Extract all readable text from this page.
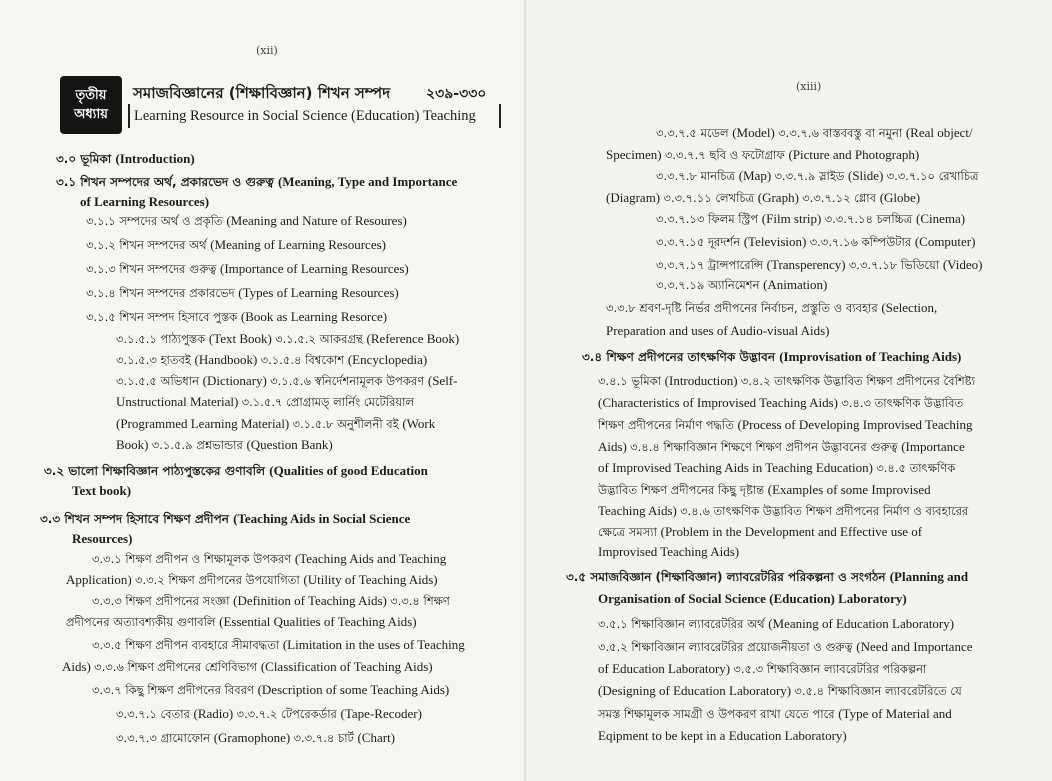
(xii)
তৃতীয়
অধ্যায়
সমাজবিজ্ঞানের (শিক্ষাবিজ্ঞান) শিখন সম্পদ	২৩৯-৩৩০
Learning Resource in Social Science (Education) Teaching
৩.০ ভূমিকা (Introduction)
৩.১ শিখন সম্পদের অর্থ, প্রকারভেদ ও গুরুত্ব (Meaning, Type and Importance
of Learning Resources)
৩.১.১ সম্পদের অর্থ ও প্রকৃতি (Meaning and Nature of Resoures)
৩.১.২ শিখন সম্পদের অর্থ (Meaning of Learning Resources)
৩.১.৩ শিখন সম্পদের গুরুত্ব (Importance of Learning Resources)
৩.১.৪ শিখন সম্পদের প্রকারভেদ (Types of Learning Resources)
৩.১.৫ শিখন সম্পদ হিসাবে পুস্তক (Book as Learning Resorce)
৩.১.৫.১ পাঠ্যপুস্তক (Text Book) ৩.১.৫.২ আকরগ্রন্থ (Reference Book)
৩.১.৫.৩ হাতবই (Handbook) ৩.১.৫.৪ বিশ্বকোশ (Encyclopedia)
৩.১.৫.৫ অভিধান (Dictionary) ৩.১.৫.৬ স্বনির্দেশনামূলক উপকরণ (Self-
Unstructional Material) ৩.১.৫.৭ প্রোগ্রামড্ লার্নিং মেটেরিয়াল
(Programmed Learning Material) ৩.১.৫.৮ অনুশীলনী বই (Work
Book) ৩.১.৫.৯ প্রশ্নভান্ডার (Question Bank)
৩.২ ভালো শিক্ষাবিজ্ঞান পাঠ্যপুস্তকের গুণাবলি (Qualities of good Education
Text book)
৩.৩ শিখন সম্পদ হিসাবে শিক্ষণ প্রদীপন (Teaching Aids in Social Science
Resources)
৩.৩.১ শিক্ষণ প্রদীপন ও শিক্ষামূলক উপকরণ (Teaching Aids and Teaching
Application) ৩.৩.২ শিক্ষণ প্রদীপনের উপযোগিতা (Utility of Teaching Aids)
৩.৩.৩ শিক্ষণ প্রদীপনের সংজ্ঞা (Definition of Teaching Aids) ৩.৩.৪ শিক্ষণ
প্রদীপনের অত্যাবশ্যকীয় গুণাবলি (Essential Qualities of Teaching Aids)
৩.৩.৫ শিক্ষণ প্রদীপন ব্যবহারে সীমাবদ্ধতা (Limitation in the uses of Teaching
Aids) ৩.৩.৬ শিক্ষণ প্রদীপনের শ্রেণিবিভাগ (Classification of Teaching Aids)
৩.৩.৭ কিছু শিক্ষণ প্রদীপনের বিবরণ (Description of some Teaching Aids)
৩.৩.৭.১ বেতার (Radio) ৩.৩.৭.২ টেপরেকর্ডার (Tape-Recoder)
৩.৩.৭.৩ গ্রামোফোন (Gramophone) ৩.৩.৭.৪ চার্ট (Chart)
(xiii)
৩.৩.৭.৫ মডেল (Model) ৩.৩.৭.৬ বাস্তববস্তু বা নমুনা (Real object/
Specimen) ৩.৩.৭.৭ ছবি ও ফটোগ্রাফ (Picture and Photograph)
৩.৩.৭.৮ মানচিত্র (Map) ৩.৩.৭.৯ স্লাইড (Slide) ৩.৩.৭.১০ রেখাচিত্র
(Diagram) ৩.৩.৭.১১ লেখচিত্র (Graph) ৩.৩.৭.১২ গ্লোব (Globe)
৩.৩.৭.১৩ ফিলম স্ট্রিপ (Film strip) ৩.৩.৭.১৪ চলচ্চিত্র (Cinema)
৩.৩.৭.১৫ দূরদর্শন (Television) ৩.৩.৭.১৬ কম্পিউটার (Computer)
৩.৩.৭.১৭ ট্রান্সপারেন্সি (Transperency) ৩.৩.৭.১৮ ভিডিয়ো (Video)
৩.৩.৭.১৯ অ্যানিমেশন (Animation)
৩.৩.৮ শ্রবণ-দৃষ্টি নির্ভর প্রদীপনের নির্বাচন, প্রস্তুতি ও ব্যবহার (Selection,
Preparation and uses of Audio-visual Aids)
৩.৪ শিক্ষণ প্রদীপনের তাৎক্ষণিক উদ্ভাবন (Improvisation of Teaching Aids)
৩.৪.১ ভূমিকা (Introduction) ৩.৪.২ তাৎক্ষণিক উদ্ভাবিত শিক্ষণ প্রদীপনের বৈশিষ্ট্য
(Characteristics of Improvised Teaching Aids) ৩.৪.৩ তাৎক্ষণিক উদ্ভাবিত
শিক্ষণ প্রদীপনের নির্মাণ পদ্ধতি (Process of Developing Improvised Teaching
Aids) ৩.৪.৪ শিক্ষাবিজ্ঞান শিক্ষণে শিক্ষণ প্রদীপন উদ্ভাবনের গুরুত্ব (Importance
of Improvised Teaching Aids in Teaching Education) ৩.৪.৫ তাৎক্ষণিক
উদ্ভাবিত শিক্ষণ প্রদীপনের কিছু দৃষ্টান্ত (Examples of some Improvised
Teaching Aids) ৩.৪.৬ তাৎক্ষণিক উদ্ভাবিত শিক্ষণ প্রদীপনের নির্মাণ ও ব্যবহারের
ক্ষেত্রে সমস্যা (Problem in the Development and Effective use of
Improvised Teaching Aids)
৩.৫ সমাজবিজ্ঞান (শিক্ষাবিজ্ঞান) ল্যাবরেটরির পরিকল্পনা ও সংগঠন (Planning and
Organisation of Social Science (Education) Laboratory)
৩.৫.১ শিক্ষাবিজ্ঞান ল্যাবরেটরির অর্থ (Meaning of Education Laboratory)
৩.৫.২ শিক্ষাবিজ্ঞান ল্যাবরেটরির প্রয়োজনীয়তা ও গুরুত্ব (Need and Importance
of Education Laboratory) ৩.৫.৩ শিক্ষাবিজ্ঞান ল্যাবরেটরির পরিকল্পনা
(Designing of Education Laboratory) ৩.৫.৪ শিক্ষাবিজ্ঞান ল্যাবরেটরিতে যে
সমস্ত শিক্ষামূলক সামগ্রী ও উপকরণ রাখা যেতে পারে (Type of Material and
Eqipment to be kept in a Education Laboratory)
